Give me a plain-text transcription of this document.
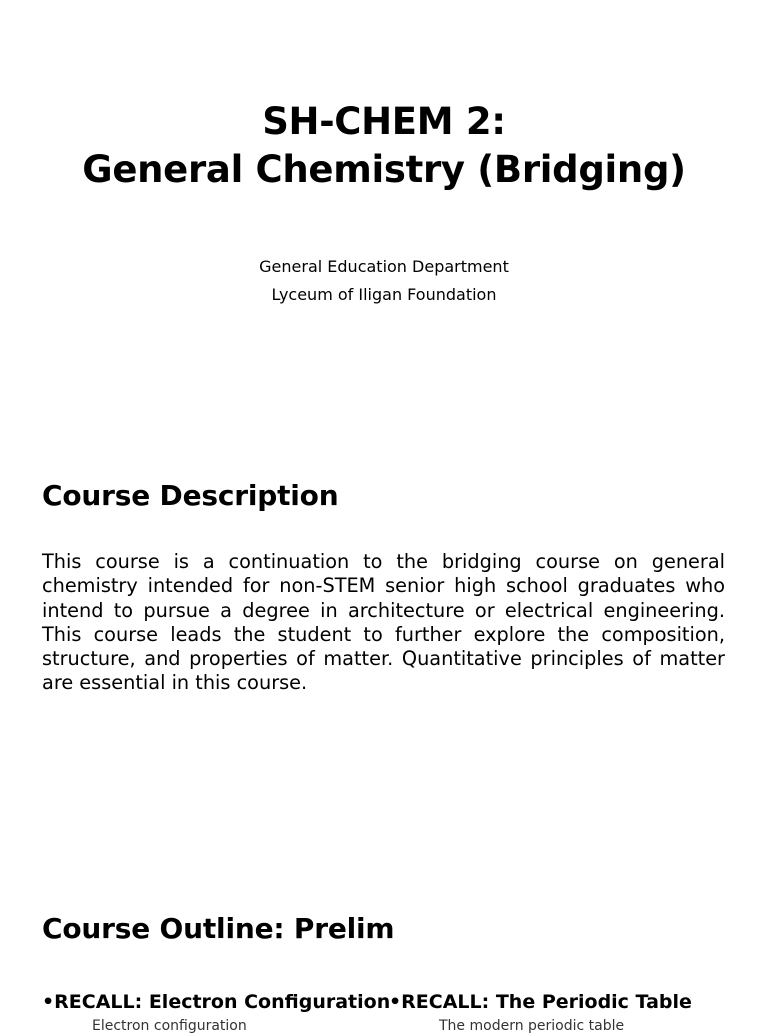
SH-CHEM 2:
General Chemistry (Bridging)
General Education Department
Lyceum of Iligan Foundation
Course Description
This course is a continuation to the bridging course on general chemistry intended for non-STEM senior high school graduates who intend to pursue a degree in architecture or electrical engineering. This course leads the student to further explore the composition, structure, and properties of matter. Quantitative principles of matter are essential in this course.
Course Outline: Prelim
•RECALL: Electron Configuration
Electron configuration
•RECALL: The Periodic Table
The modern periodic table
